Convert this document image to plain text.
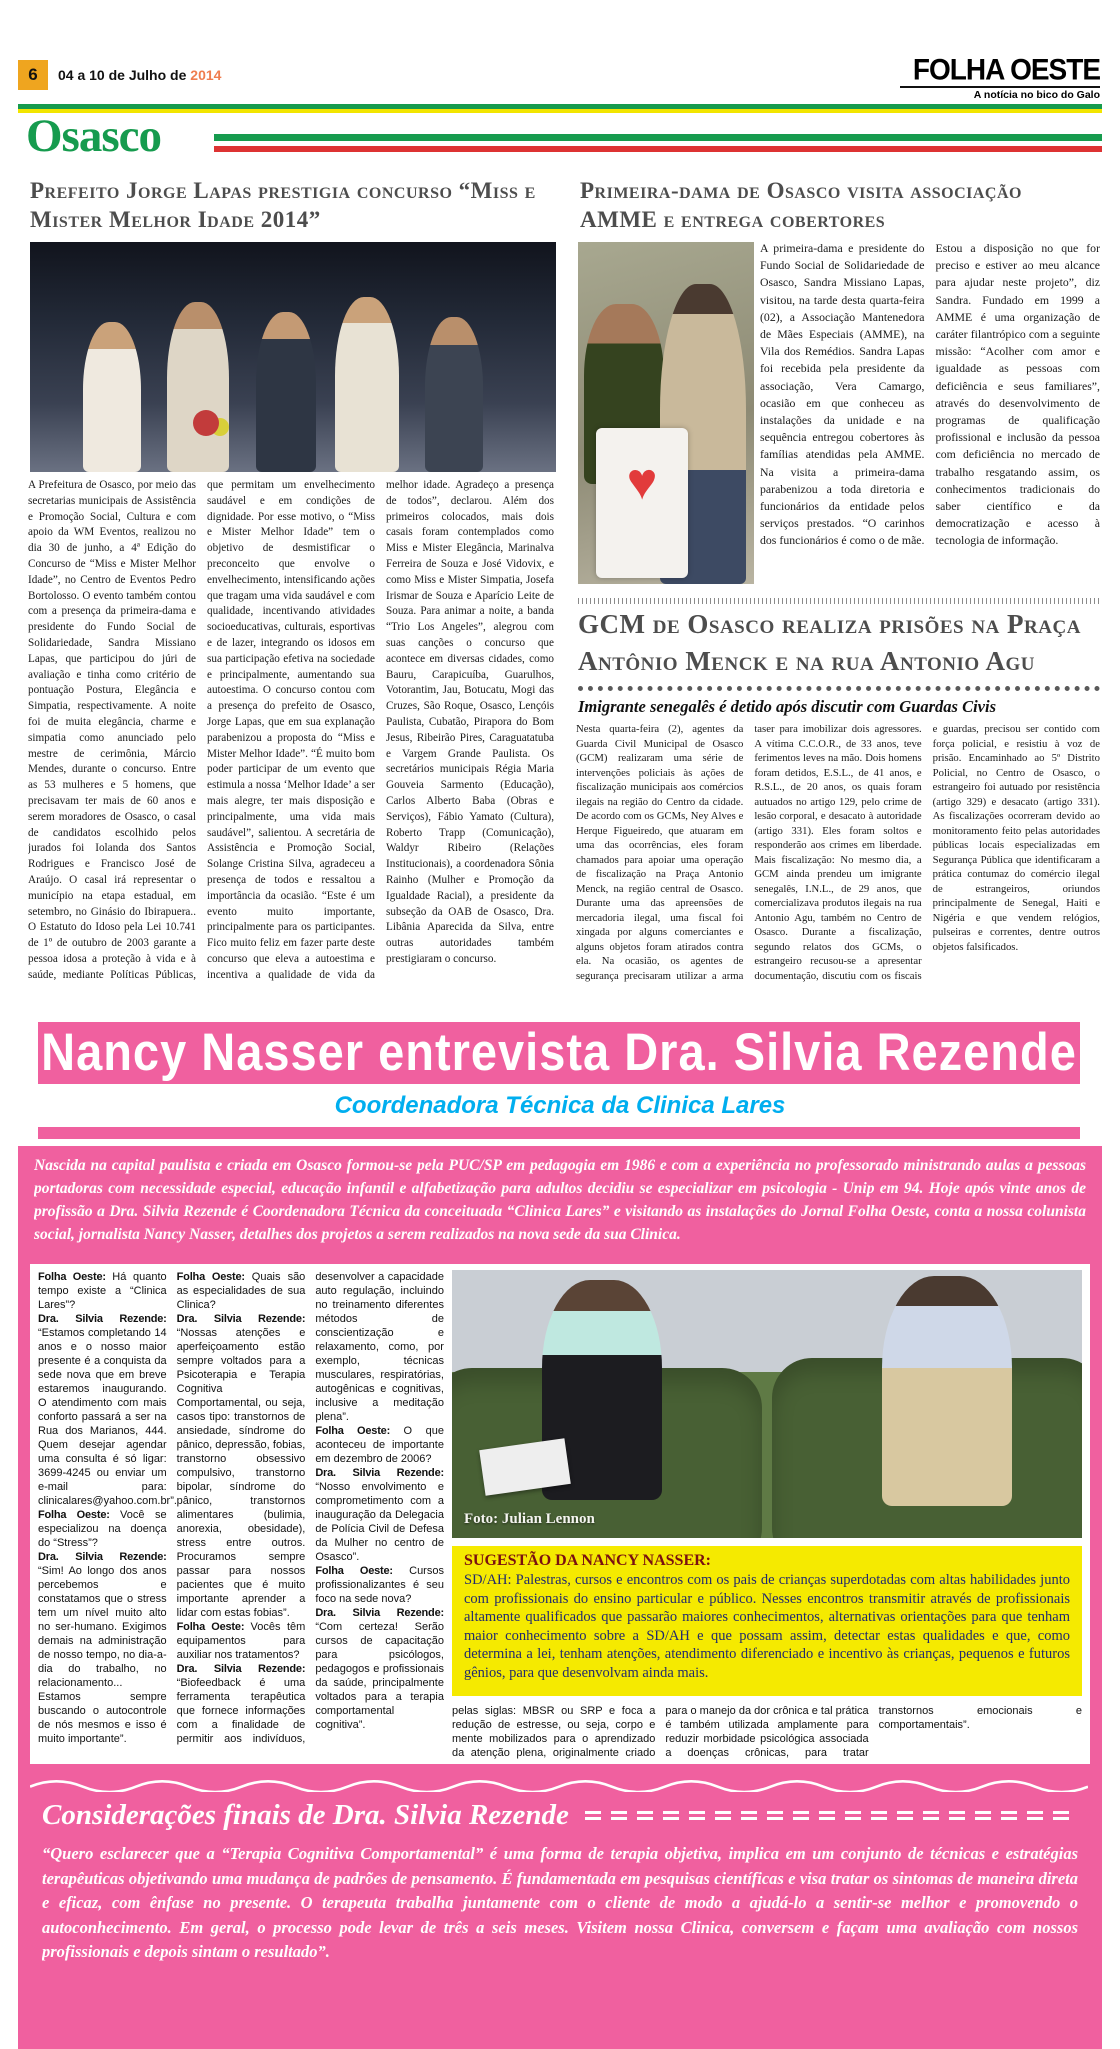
6	04 a 10 de Julho de 2014	FOLHA OESTE
A notícia no bico do Galo
Osasco
Prefeito Jorge Lapas prestigia concurso “Miss e Mister Melhor Idade 2014”
A Prefeitura de Osasco, por meio das secretarias municipais de Assistência e Promoção Social, Cultura e com apoio da WM Eventos, realizou no dia 30 de junho, a 4ª Edição do Concurso de “Miss e Mister Melhor Idade”, no Centro de Eventos Pedro Bortolosso. O evento também contou com a presença da primeira-dama e presidente do Fundo Social de Solidariedade, Sandra Missiano Lapas, que participou do júri de avaliação e tinha como critério de pontuação Postura, Elegância e Simpatia, respectivamente. A noite foi de muita elegância, charme e simpatia como anunciado pelo mestre de cerimônia, Márcio Mendes, durante o concurso. Entre as 53 mulheres e 5 homens, que precisavam ter mais de 60 anos e serem moradores de Osasco, o casal de candidatos escolhido pelos jurados foi Iolanda dos Santos Rodrigues e Francisco José de Araújo. O casal irá representar o município na etapa estadual, em setembro, no Ginásio do Ibirapuera.. O Estatuto do Idoso pela Lei 10.741 de 1º de outubro de 2003 garante a pessoa idosa a proteção à vida e à saúde, mediante Políticas Públicas, que permitam um envelhecimento saudável e em condições de dignidade. Por esse motivo, o “Miss e Mister Melhor Idade” tem o objetivo de desmistificar o preconceito que envolve o envelhecimento, intensificando ações que tragam uma vida saudável e com qualidade, incentivando atividades socioeducativas, culturais, esportivas e de lazer, integrando os idosos em sua participação efetiva na sociedade e principalmente, aumentando sua autoestima. O concurso contou com a presença do prefeito de Osasco, Jorge Lapas, que em sua explanação parabenizou a proposta do “Miss e Mister Melhor Idade”. “É muito bom poder participar de um evento que estimula a nossa ‘Melhor Idade’ a ser mais alegre, ter mais disposição e principalmente, uma vida mais saudável”, salientou. A secretária de Assistência e Promoção Social, Solange Cristina Silva, agradeceu a presença de todos e ressaltou a importância da ocasião. “Este é um evento muito importante, principalmente para os participantes. Fico muito feliz em fazer parte deste concurso que eleva a autoestima e incentiva a qualidade de vida da melhor idade. Agradeço a presença de todos”, declarou. Além dos primeiros colocados, mais dois casais foram contemplados como Miss e Mister Elegância, Marinalva Ferreira de Souza e José Vidovix, e como Miss e Mister Simpatia, Josefa Irismar de Souza e Aparício Leite de Souza. Para animar a noite, a banda “Trio Los Angeles”, alegrou com suas canções o concurso que acontece em diversas cidades, como Bauru, Carapicuíba, Guarulhos, Votorantim, Jau, Botucatu, Mogi das Cruzes, São Roque, Osasco, Lençóis Paulista, Cubatão, Pirapora do Bom Jesus, Ribeirão Pires, Caraguatatuba e Vargem Grande Paulista. Os secretários municipais Régia Maria Gouveia Sarmento (Educação), Carlos Alberto Baba (Obras e Serviços), Fábio Yamato (Cultura), Roberto Trapp (Comunicação), Waldyr Ribeiro (Relações Institucionais), a coordenadora Sônia Rainho (Mulher e Promoção da Igualdade Racial), a presidente da subseção da OAB de Osasco, Dra. Libânia Aparecida da Silva, entre outras autoridades também prestigiaram o concurso.
Primeira-dama de Osasco visita associação AMME e entrega cobertores
♥
A primeira-dama e presidente do Fundo Social de Solidariedade de Osasco, Sandra Missiano Lapas, visitou, na tarde desta quarta-feira (02), a Associação Mantenedora de Mães Especiais (AMME), na Vila dos Remédios. Sandra Lapas foi recebida pela presidente da associação, Vera Camargo, ocasião em que conheceu as instalações da unidade e na sequência entregou cobertores às famílias atendidas pela AMME. Na visita a primeira-dama parabenizou a toda diretoria e funcionários da entidade pelos serviços prestados. “O carinhos dos funcionários é como o de mãe. Estou a disposição no que for preciso e estiver ao meu alcance para ajudar neste projeto”, diz Sandra. Fundado em 1999 a AMME é uma organização de caráter filantrópico com a seguinte missão: “Acolher com amor e igualdade as pessoas com deficiência e seus familiares”, através do desenvolvimento de programas de qualificação profissional e inclusão da pessoa com deficiência no mercado de trabalho resgatando assim, os conhecimentos tradicionais do saber científico e da democratização e acesso à tecnologia de informação.
GCM de Osasco realiza prisões na Praça Antônio Menck e na rua Antonio Agu
Imigrante senegalês é detido após discutir com Guardas Civis
Nesta quarta-feira (2), agentes da Guarda Civil Municipal de Osasco (GCM) realizaram uma série de intervenções policiais às ações de fiscalização municipais aos comércios ilegais na região do Centro da cidade. De acordo com os GCMs, Ney Alves e Herque Figueiredo, que atuaram em uma das ocorrências, eles foram chamados para apoiar uma operação de fiscalização na Praça Antonio Menck, na região central de Osasco. Durante uma das apreensões de mercadoria ilegal, uma fiscal foi xingada por alguns comerciantes e alguns objetos foram atirados contra ela. Na ocasião, os agentes de segurança precisaram utilizar a arma taser para imobilizar dois agressores. A vítima C.C.O.R., de 33 anos, teve ferimentos leves na mão. Dois homens foram detidos, E.S.L., de 41 anos, e R.S.L., de 20 anos, os quais foram autuados no artigo 129, pelo crime de lesão corporal, e desacato à autoridade (artigo 331). Eles foram soltos e responderão aos crimes em liberdade. Mais fiscalização: No mesmo dia, a GCM ainda prendeu um imigrante senegalês, I.N.L., de 29 anos, que comercializava produtos ilegais na rua Antonio Agu, também no Centro de Osasco. Durante a fiscalização, segundo relatos dos GCMs, o estrangeiro recusou-se a apresentar documentação, discutiu com os fiscais e guardas, precisou ser contido com força policial, e resistiu à voz de prisão. Encaminhado ao 5º Distrito Policial, no Centro de Osasco, o estrangeiro foi autuado por resistência (artigo 329) e desacato (artigo 331). As fiscalizações ocorreram devido ao monitoramento feito pelas autoridades públicas locais especializadas em Segurança Pública que identificaram a prática contumaz do comércio ilegal de estrangeiros, oriundos principalmente de Senegal, Haiti e Nigéria e que vendem relógios, pulseiras e correntes, dentre outros objetos falsificados.
Nancy Nasser entrevista Dra. Silvia Rezende
Coordenadora Técnica da Clinica Lares
Nascida na capital paulista e criada em Osasco formou-se pela PUC/SP em pedagogia em 1986 e com a experiência no professorado ministrando aulas a pessoas portadoras com necessidade especial, educação infantil e alfabetização para adultos decidiu se especializar em psicologia - Unip em 94. Hoje após vinte anos de profissão a Dra. Silvia Rezende é Coordenadora Técnica da conceituada “Clinica Lares” e visitando as instalações do Jornal Folha Oeste, conta a nossa colunista social, jornalista Nancy Nasser, detalhes dos projetos a serem realizados na nova sede da sua Clinica.

Folha Oeste: Há quanto tempo existe a “Clinica Lares”?

Dra. Silvia Rezende: “Estamos completando 14 anos e o nosso maior presente é a conquista da sede nova que em breve estaremos inaugurando. O atendimento com mais conforto passará a ser na Rua dos Marianos, 444. Quem desejar agendar uma consulta é só ligar: 3699-4245 ou enviar um e-mail para: clinicalares@yahoo.com.br”.

Folha Oeste: Você se especializou na doença do “Stress”?

Dra. Silvia Rezende: “Sim! Ao longo dos anos percebemos e constatamos que o stress tem um nível muito alto no ser-humano. Exigimos demais na administração de nosso tempo, no dia-a-dia do trabalho, no relacionamento... Estamos sempre buscando o autocontrole de nós mesmos e isso é muito importante”.

Folha Oeste: Quais são as especialidades de sua Clinica?

Dra. Silvia Rezende: “Nossas atenções e aperfeiçoamento estão sempre voltados para a Psicoterapia e Terapia Cognitiva Comportamental, ou seja, casos tipo: transtornos de ansiedade, síndrome do pânico, depressão, fobias, transtorno obsessivo compulsivo, transtorno bipolar, síndrome do pânico, transtornos alimentares (bulimia, anorexia, obesidade), stress entre outros. Procuramos sempre passar para nossos pacientes que é muito importante aprender a lidar com estas fobias”.

Folha Oeste: Vocês têm equipamentos para auxiliar nos tratamentos?

Dra. Silvia Rezende: “Biofeedback é uma ferramenta terapêutica que fornece informações com a finalidade de permitir aos indivíduos, desenvolver a capacidade auto regulação, incluindo no treinamento diferentes métodos de conscientização e relaxamento, como, por exemplo, técnicas musculares, respiratórias, autogênicas e cognitivas, inclusive a meditação plena”.

Folha Oeste: O que aconteceu de importante em dezembro de 2006?

Dra. Silvia Rezende: “Nosso envolvimento e comprometimento com a inauguração da Delegacia de Polícia Civil de Defesa da Mulher no centro de Osasco”.

Folha Oeste: Cursos profissionalizantes é seu foco na sede nova?

Dra. Silvia Rezende: “Com certeza! Serão cursos de capacitação para psicólogos, pedagogos e profissionais da saúde, principalmente voltados para a terapia comportamental cognitiva”.

Foto: Julian Lennon
SUGESTÃO DA NANCY NASSER:
SD/AH: Palestras, cursos e encontros com os pais de crianças superdotadas com altas habilidades junto com profissionais do ensino particular e público. Nesses encontros transmitir através de profissionais altamente qualificados que passarão maiores conhecimentos, alternativas orientações para que tenham maior conhecimento sobre a SD/AH e que possam assim, detectar estas qualidades e que, como determina a lei, tenham atenções, atendimento diferenciado e incentivo às crianças, pequenos e futuros gênios, para que desenvolvam ainda mais.
pelas siglas: MBSR ou SRP e foca a redução de estresse, ou seja, corpo e mente mobilizados para o aprendizado da atenção plena, originalmente criado para o manejo da dor crônica e tal prática é também utilizada amplamente para reduzir morbidade psicológica associada a doenças crônicas, para tratar transtornos emocionais e comportamentais”.
Considerações finais de Dra. Silvia Rezende
“Quero esclarecer que a “Terapia Cognitiva Comportamental” é uma forma de terapia objetiva, implica em um conjunto de técnicas e estratégias terapêuticas objetivando uma mudança de padrões de pensamento. É fundamentada em pesquisas científicas e visa tratar os sintomas de maneira direta e eficaz, com ênfase no presente. O terapeuta trabalha juntamente com o cliente de modo a ajudá-lo a sentir-se melhor e promovendo o autoconhecimento. Em geral, o processo pode levar de três a seis meses. Visitem nossa Clinica, conversem e façam uma avaliação com nossos profissionais e depois sintam o resultado”.
